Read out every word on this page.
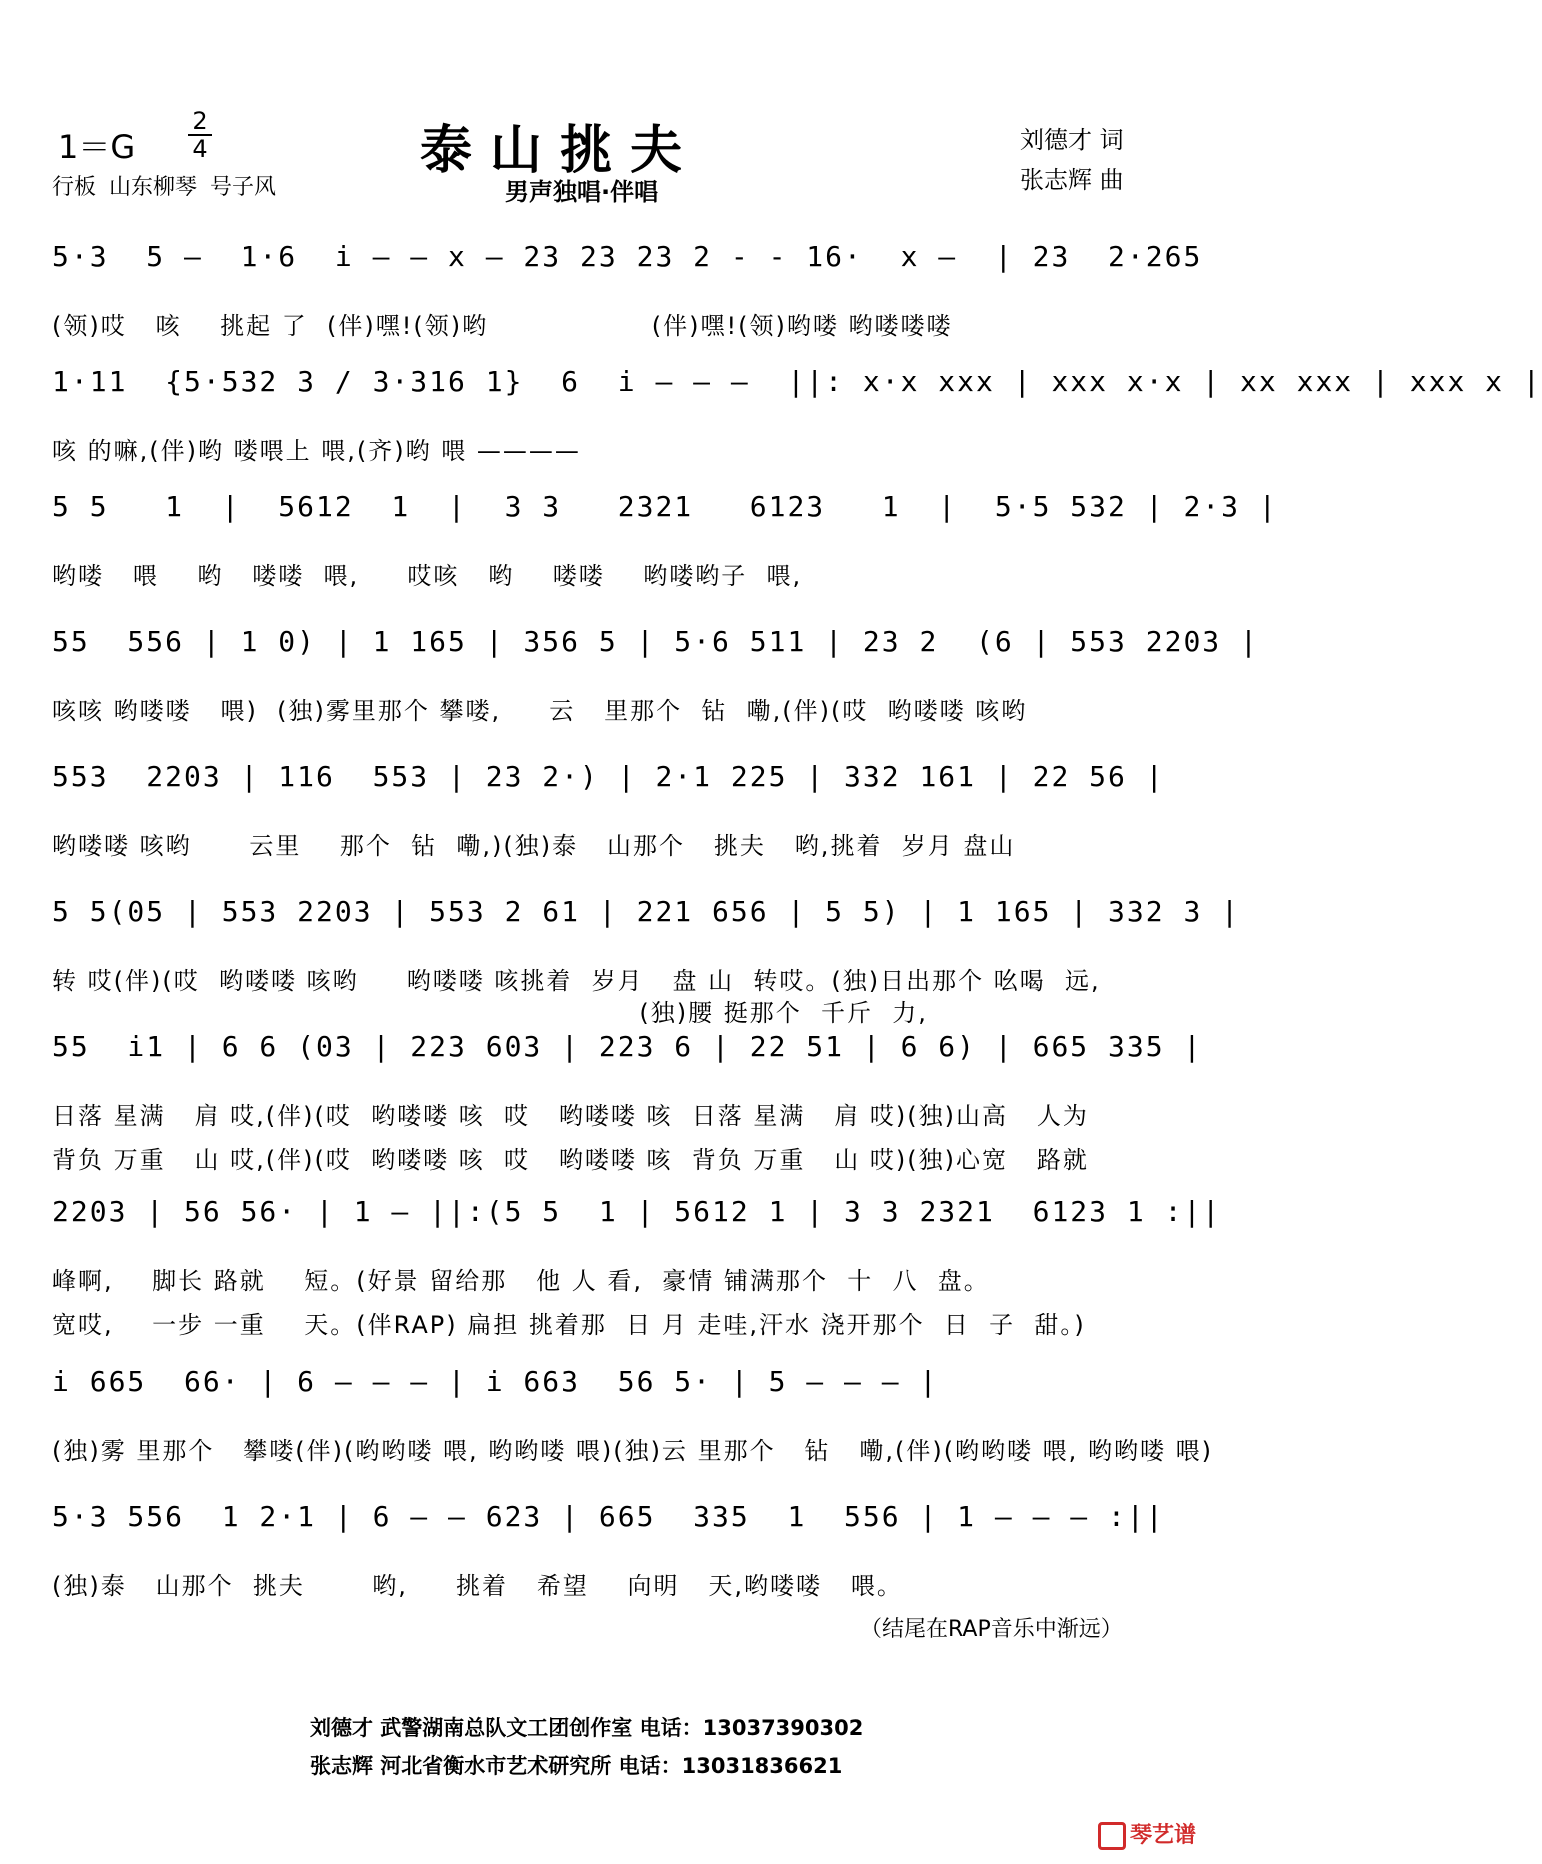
1＝G
2
4
行板 山东柳琴 号子风
泰山挑夫
男声独唱·伴唱
刘德才 词
张志辉 曲
5·3  5 —  1·6  i — — x — 23 23 23 2 - - 16·  x —  | 23  2·265
(领)哎   咳    挑起 了  (伴)嘿!(领)哟                 (伴)嘿!(领)哟喽 哟喽喽喽
1·11  {5·532 3 / 3·316 1}  6  i — — —  ||: x·x xxx | xxx x·x | xx xxx | xxx x |
咳 的嘛,(伴)哟 喽喂上 喂,(齐)哟 喂 ————
5 5   1  |  5612  1  |  3 3   2321   6123   1  |  5·5 532 | 2·3 |
哟喽   喂    哟   喽喽  喂,     哎咳   哟    喽喽    哟喽哟子  喂,
55  556 | 1 0) | 1 165 | 356 5 | 5·6 511 | 23 2  (6 | 553 2203 |
咳咳 哟喽喽   喂)  (独)雾里那个 攀喽,     云   里那个  钻  嘞,(伴)(哎  哟喽喽 咳哟
553  2203 | 116  553 | 23 2·) | 2·1 225 | 332 161 | 22 56 |
哟喽喽 咳哟      云里    那个  钻  嘞,)(独)泰   山那个   挑夫   哟,挑着  岁月 盘山
5 5(05 | 553 2203 | 553 2 61 | 221 656 | 5 5) | 1 165 | 332 3 |
转 哎(伴)(哎  哟喽喽 咳哟     哟喽喽 咳挑着  岁月   盘 山  转哎。(独)日出那个 吆喝  远,
(独)腰 挺那个  千斤  力,
55  i1 | 6 6 (03 | 223 603 | 223 6 | 22 51 | 6 6) | 665 335 |
日落 星满   肩 哎,(伴)(哎  哟喽喽 咳  哎   哟喽喽 咳  日落 星满   肩 哎)(独)山高   人为
背负 万重   山 哎,(伴)(哎  哟喽喽 咳  哎   哟喽喽 咳  背负 万重   山 哎)(独)心宽   路就
2203 | 56 56· | 1 — ||:(5 5  1 | 5612 1 | 3 3 2321  6123 1 :||
峰啊,    脚长 路就    短。(好景 留给那   他 人 看,  豪情 铺满那个  十  八  盘。
宽哎,    一步 一重    天。(伴RAP) 扁担 挑着那  日 月 走哇,汗水 浇开那个  日  子  甜。)
i 665  66· | 6 — — — | i 663  56 5· | 5 — — — |
(独)雾 里那个   攀喽(伴)(哟哟喽 喂, 哟哟喽 喂)(独)云 里那个   钻   嘞,(伴)(哟哟喽 喂, 哟哟喽 喂)
5·3 556  1 2·1 | 6 — — 623 | 665  335  1  556 | 1 — — — :||
(独)泰   山那个  挑夫       哟,     挑着   希望    向明   天,哟喽喽   喂。
（结尾在RAP音乐中渐远）
刘德才 武警湖南总队文工团创作室 电话：13037390302
张志辉 河北省衡水市艺术研究所 电话：13031836621
琴艺谱
